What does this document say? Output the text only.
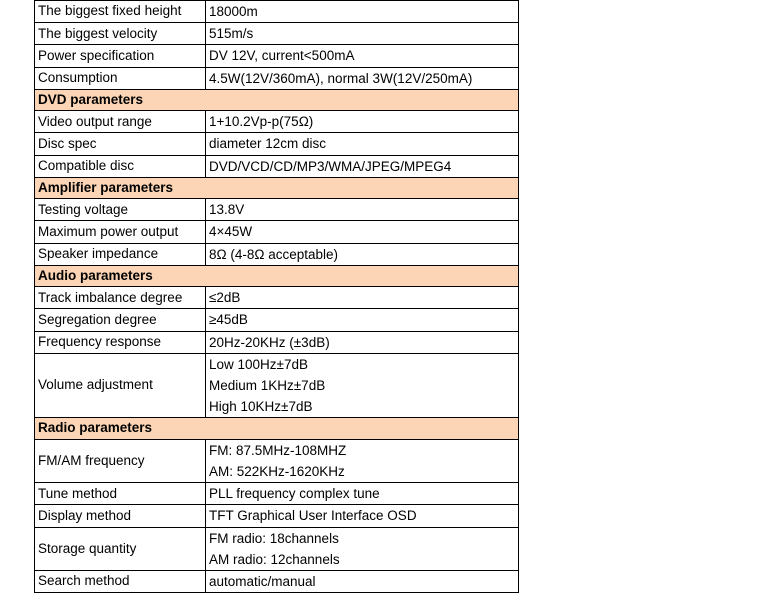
The biggest fixed height	18000m

The biggest velocity	515m/s

Power specification	DV 12V, current<500mA

Consumption	4.5W(12V/360mA), normal 3W(12V/250mA)

DVD parameters	
Video output range	1+10.2Vp-p(75Ω)

Disc spec	diameter 12cm disc

Compatible disc	DVD/VCD/CD/MP3/WMA/JPEG/MPEG4

Amplifier parameters	
Testing voltage	13.8V

Maximum power output	4×45W

Speaker impedance	8Ω (4-8Ω acceptable)

Audio parameters	
Track imbalance degree	≤2dB

Segregation degree	≥45dB

Frequency response	20Hz-20KHz (±3dB)

Volume adjustment	Low 100Hz±7dB
Medium 1KHz±7dB
High 10KHz±7dB

Radio parameters	
FM/AM frequency	FM: 87.5MHz-108MHZ
AM: 522KHz-1620KHz

Tune method	PLL frequency complex tune

Display method	TFT Graphical User Interface OSD

Storage quantity	FM radio: 18channels
AM radio: 12channels

Search method	automatic/manual
